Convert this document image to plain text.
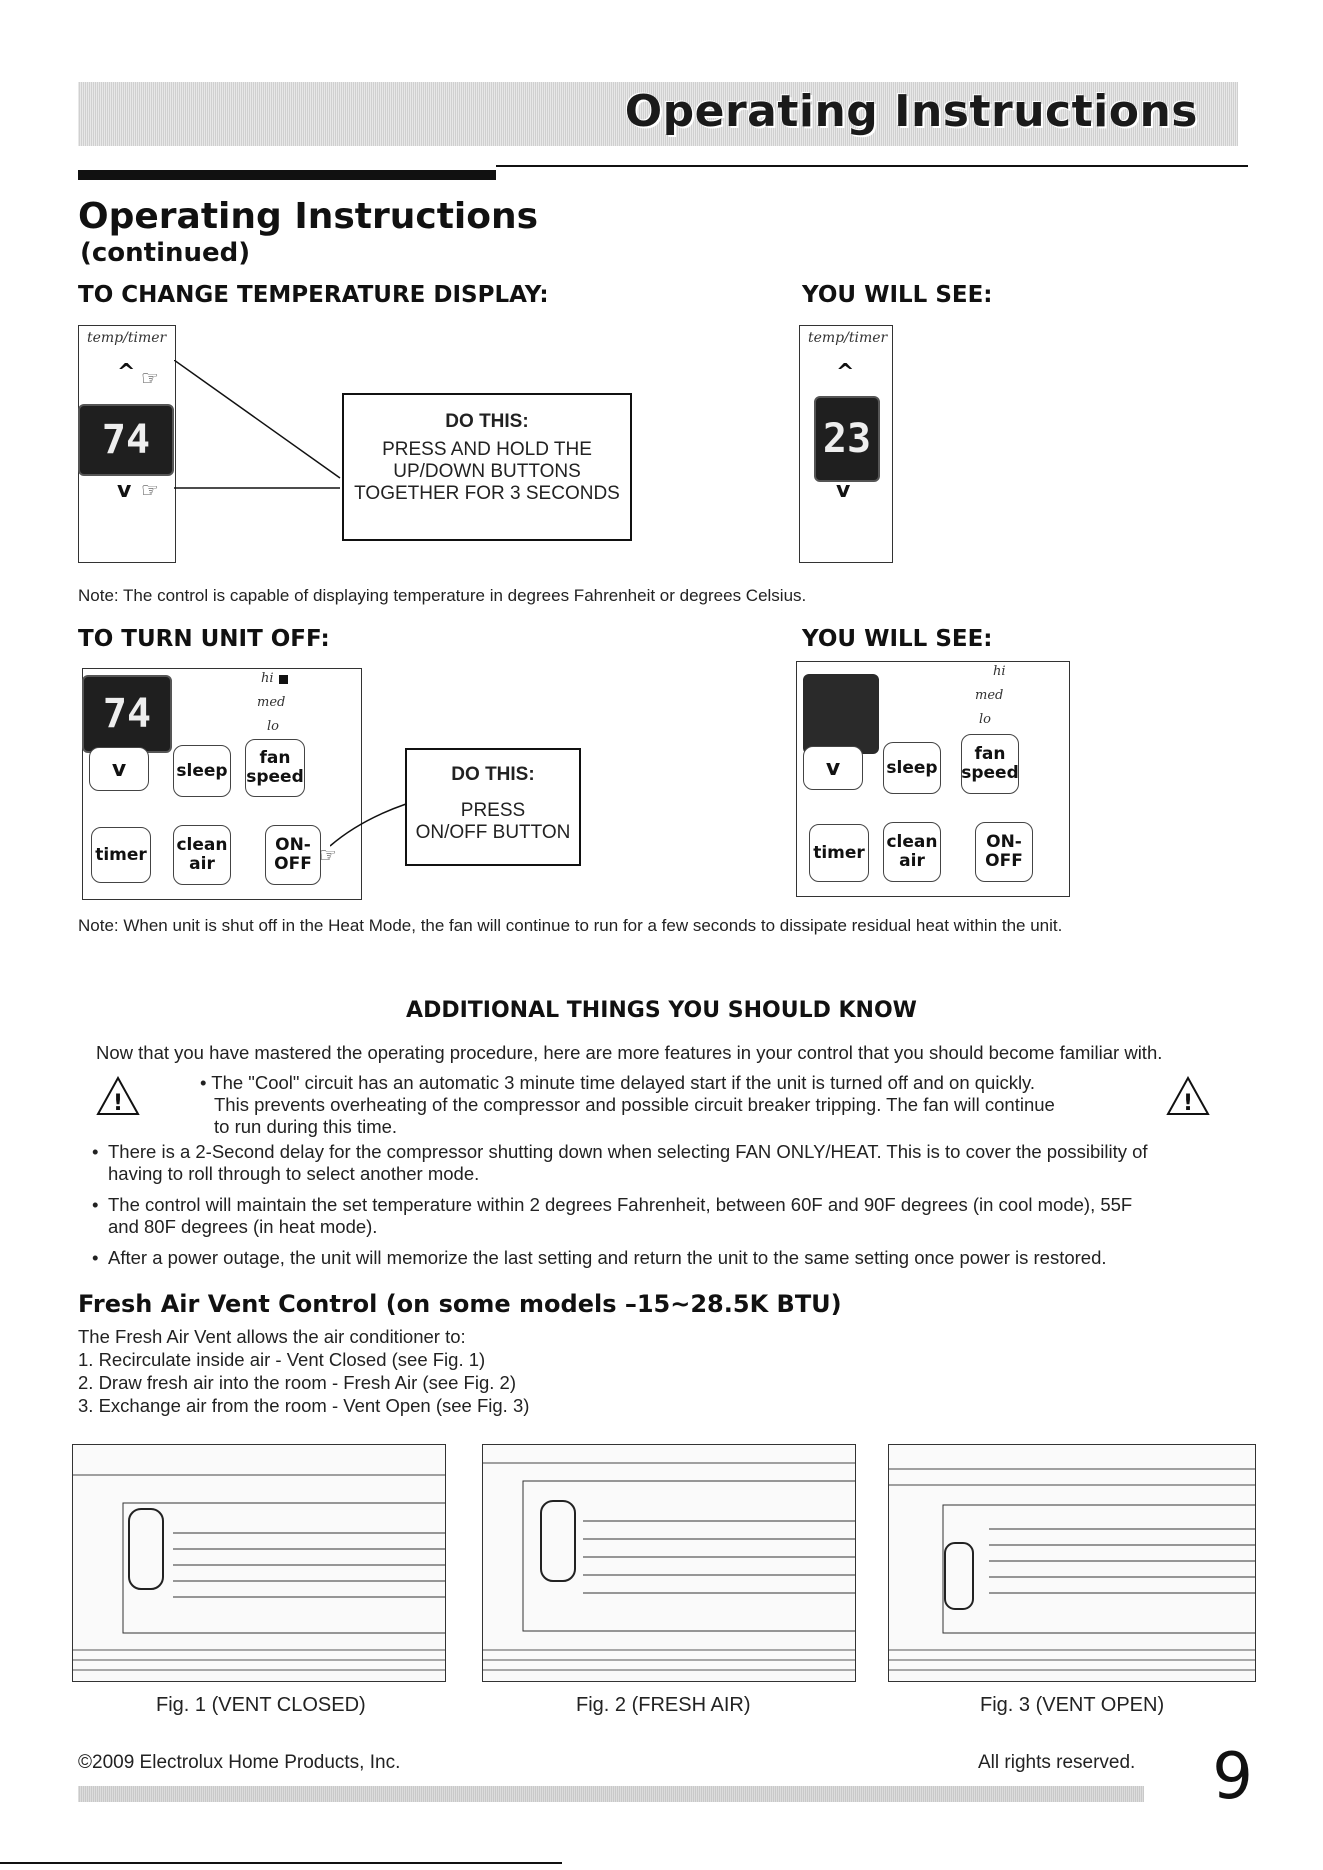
Operating Instructions
Operating Instructions
(continued)
TO CHANGE TEMPERATURE DISPLAY:	YOU WILL SEE:
temp/timer
^
74
v
☞
☞
DO THIS:
PRESS AND HOLD THE
UP/DOWN BUTTONS
TOGETHER FOR 3 SECONDS
temp/timer
^
23
v
Note: The control is capable of displaying temperature in degrees Fahrenheit or degrees Celsius.
TO TURN UNIT OFF:	YOU WILL SEE:
74
hi
med
lo
v	sleep
fan
speed
timer clean
air
ON-
OFF ☞
DO THIS:
PRESS
ON/OFF BUTTON
hi
med
lo
v	sleep
fan
speed
timer
clean
air
ON-
OFF
Note: When unit is shut off in the Heat Mode, the fan will continue to run for a few seconds to dissipate residual heat within the unit.
ADDITIONAL THINGS YOU SHOULD KNOW
Now that you have mastered the operating procedure, here are more features in your control that you should become familiar with.
!	!
• The "Cool" circuit has an automatic 3 minute time delayed start if the unit is turned off and on quickly.
This prevents overheating of the compressor and possible circuit breaker tripping. The fan will continue
to run during this time.
• There is a 2-Second delay for the compressor shutting down when selecting FAN ONLY/HEAT. This is to cover the possibility of
having to roll through to select another mode.
• The control will maintain the set temperature within 2 degrees Fahrenheit, between 60F and 90F degrees (in cool mode), 55F
and 80F degrees (in heat mode).
• After a power outage, the unit will memorize the last setting and return the unit to the same setting once power is restored.
Fresh Air Vent Control (on some models –15~28.5K BTU)
The Fresh Air Vent allows the air conditioner to:
1. Recirculate inside air - Vent Closed (see Fig. 1)
2. Draw fresh air into the room - Fresh Air (see Fig. 2)
3. Exchange air from the room - Vent Open (see Fig. 3)
Fig. 1 (VENT CLOSED)	Fig. 2 (FRESH AIR)	Fig. 3 (VENT OPEN)
©2009 Electrolux Home Products, Inc.	All rights reserved. 9
